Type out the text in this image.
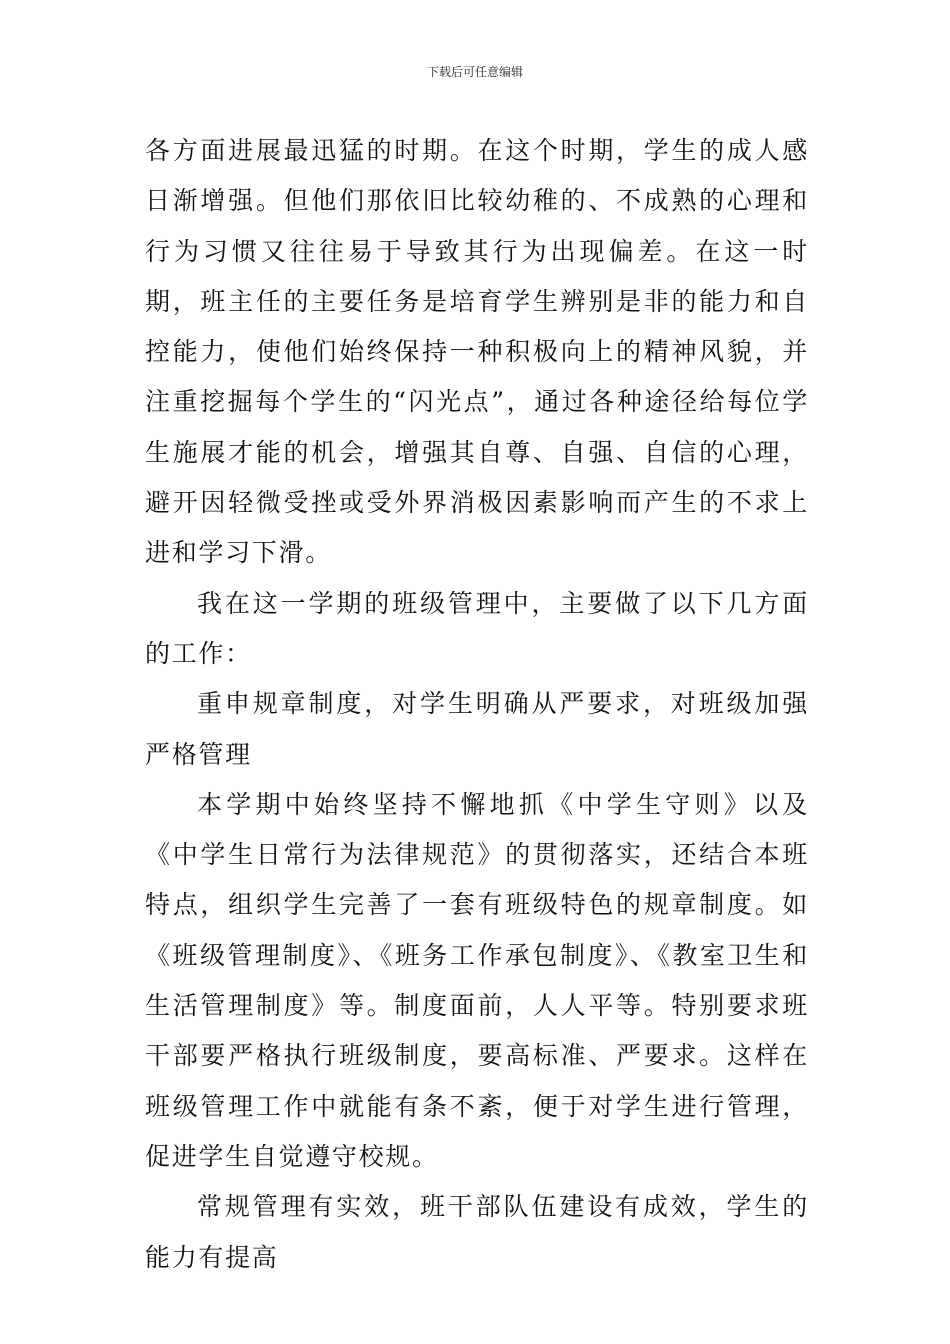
下载后可任意编辑

各方面进展最迅猛的时期。在这个时期，学生的成人感日渐增强。但他们那依旧比较幼稚的、不成熟的心理和行为习惯又往往易于导致其行为出现偏差。在这一时期，班主任的主要任务是培育学生辨别是非的能力和自控能力，使他们始终保持一种积极向上的精神风貌，并注重挖掘每个学生的“闪光点”，通过各种途径给每位学生施展才能的机会，增强其自尊、自强、自信的心理，避开因轻微受挫或受外界消极因素影响而产生的不求上进和学习下滑。

我在这一学期的班级管理中，主要做了以下几方面的工作：

重申规章制度，对学生明确从严要求，对班级加强严格管理

本学期中始终坚持不懈地抓《中学生守则》以及《中学生日常行为法律规范》的贯彻落实，还结合本班特点，组织学生完善了一套有班级特色的规章制度。如《班级管理制度》、《班务工作承包制度》、《教室卫生和生活管理制度》等。制度面前，人人平等。特别要求班干部要严格执行班级制度，要高标准、严要求。这样在班级管理工作中就能有条不紊，便于对学生进行管理，促进学生自觉遵守校规。

常规管理有实效，班干部队伍建设有成效，学生的能力有提高
